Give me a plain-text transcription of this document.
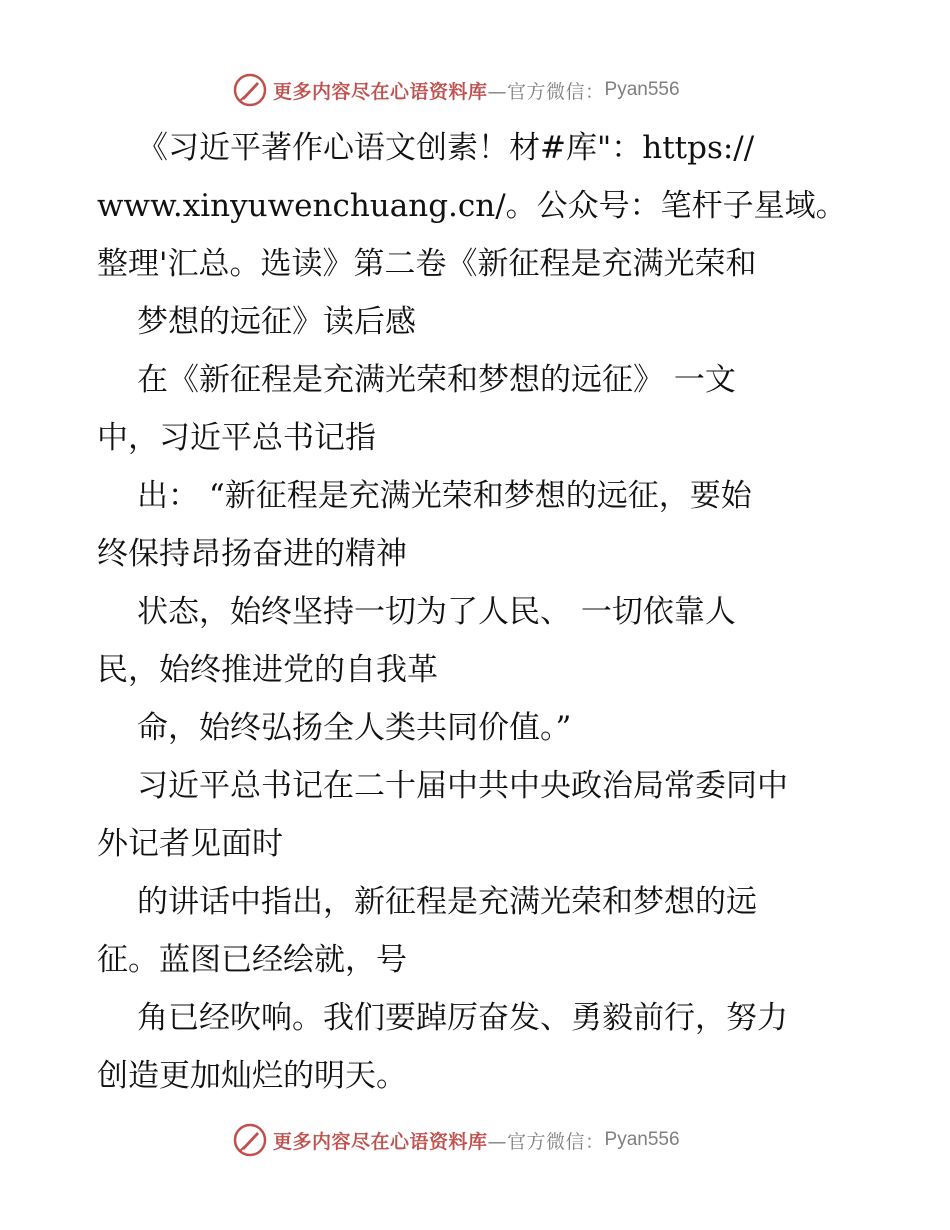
更多内容尽在心语资料库 —官方微信： Pyan556
《习近平著作心语文创素！材#库"：https://
www.xinyuwenchuang.cn/。公众号：笔杆子星域。
整理'汇总。选读》第二卷《新征程是充满光荣和
梦想的远征》读后感
在《新征程是充满光荣和梦想的远征》 一文
中，习近平总书记指
出： “新征程是充满光荣和梦想的远征，要始
终保持昂扬奋进的精神
状态，始终坚持一切为了人民、 一切依靠人
民，始终推进党的自我革
命，始终弘扬全人类共同价值。”
习近平总书记在二十届中共中央政治局常委同中
外记者见面时
的讲话中指出，新征程是充满光荣和梦想的远
征。蓝图已经绘就，号
角已经吹响。我们要踔厉奋发、勇毅前行，努力
创造更加灿烂的明天。
更多内容尽在心语资料库 —官方微信： Pyan556
